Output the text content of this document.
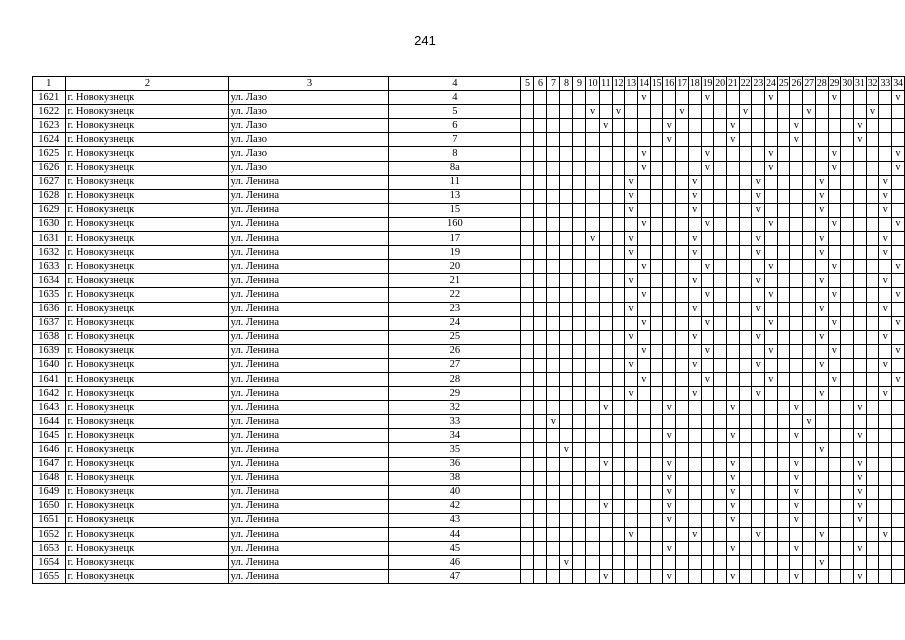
241
1	2	3	4	5	6	7	8	9	10	11	12	13	14	15	16	17	18	19	20	21	22	23	24	25	26	27	28	29	30	31	32	33	34
1621	г. Новокузнецк	ул. Лазо	4										v					v					v					v					v
1622	г. Новокузнецк	ул. Лазо	5						v		v					v					v					v					v		
1623	г. Новокузнецк	ул. Лазо	6							v					v					v					v					v			
1624	г. Новокузнецк	ул. Лазо	7												v					v					v					v			
1625	г. Новокузнецк	ул. Лазо	8										v					v					v					v					v
1626	г. Новокузнецк	ул. Лазо	8а										v					v					v					v					v
1627	г. Новокузнецк	ул. Ленина	11									v					v					v					v					v	
1628	г. Новокузнецк	ул. Ленина	13									v					v					v					v					v	
1629	г. Новокузнецк	ул. Ленина	15									v					v					v					v					v	
1630	г. Новокузнецк	ул. Ленина	160										v					v					v					v					v
1631	г. Новокузнецк	ул. Ленина	17						v			v					v					v					v					v	
1632	г. Новокузнецк	ул. Ленина	19									v					v					v					v					v	
1633	г. Новокузнецк	ул. Ленина	20										v					v					v					v					v
1634	г. Новокузнецк	ул. Ленина	21									v					v					v					v					v	
1635	г. Новокузнецк	ул. Ленина	22										v					v					v					v					v
1636	г. Новокузнецк	ул. Ленина	23									v					v					v					v					v	
1637	г. Новокузнецк	ул. Ленина	24										v					v					v					v					v
1638	г. Новокузнецк	ул. Ленина	25									v					v					v					v					v	
1639	г. Новокузнецк	ул. Ленина	26										v					v					v					v					v
1640	г. Новокузнецк	ул. Ленина	27									v					v					v					v					v	
1641	г. Новокузнецк	ул. Ленина	28										v					v					v					v					v
1642	г. Новокузнецк	ул. Ленина	29									v					v					v					v					v	
1643	г. Новокузнецк	ул. Ленина	32							v					v					v					v					v			
1644	г. Новокузнецк	ул. Ленина	33			v																				v							
1645	г. Новокузнецк	ул. Ленина	34												v					v					v					v			
1646	г. Новокузнецк	ул. Ленина	35				v																				v						
1647	г. Новокузнецк	ул. Ленина	36							v					v					v					v					v			
1648	г. Новокузнецк	ул. Ленина	38												v					v					v					v			
1649	г. Новокузнецк	ул. Ленина	40												v					v					v					v			
1650	г. Новокузнецк	ул. Ленина	42							v					v					v					v					v			
1651	г. Новокузнецк	ул. Ленина	43												v					v					v					v			
1652	г. Новокузнецк	ул. Ленина	44									v					v					v					v					v	
1653	г. Новокузнецк	ул. Ленина	45												v					v					v					v			
1654	г. Новокузнецк	ул. Ленина	46				v																				v						
1655	г. Новокузнецк	ул. Ленина	47							v					v					v					v					v			
